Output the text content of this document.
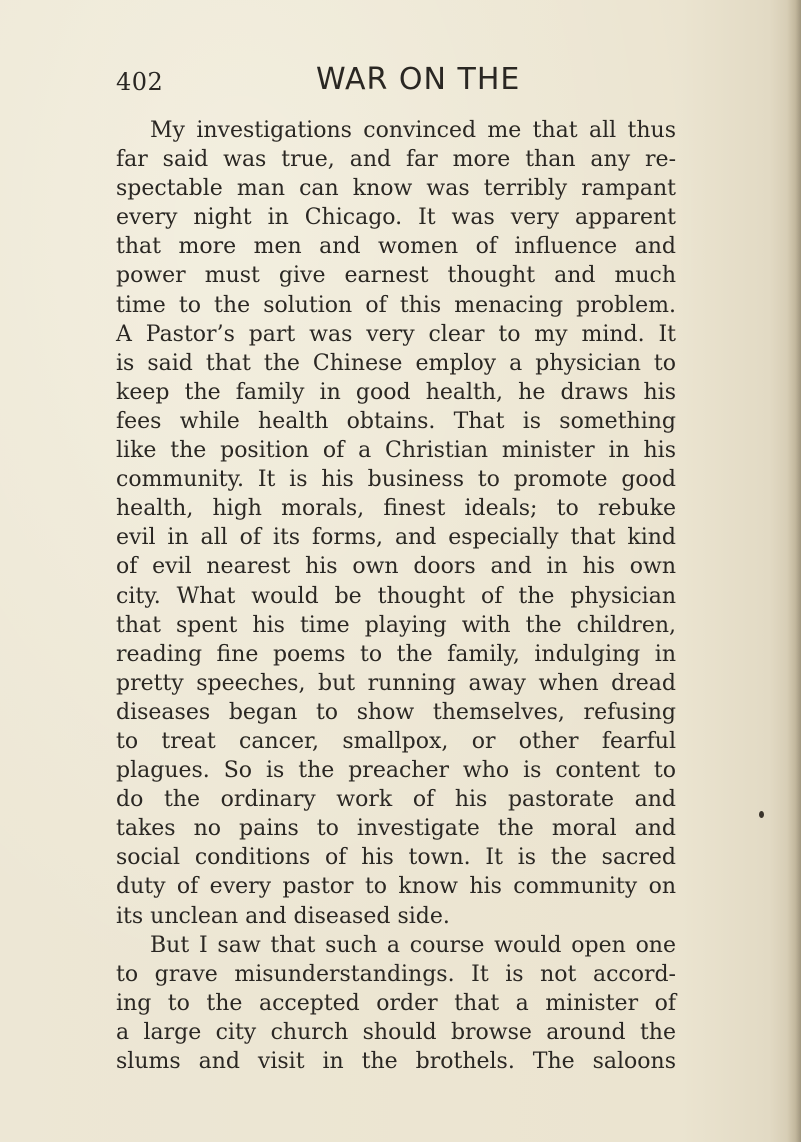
402	WAR ON THE
My investigations convinced me that all thus
far said was true, and far more than any re-
spectable man can know was terribly rampant
every night in Chicago. It was very apparent
that more men and women of influence and
power must give earnest thought and much
time to the solution of this menacing problem.
A Pastor’s part was very clear to my mind. It
is said that the Chinese employ a physician to
keep the family in good health, he draws his
fees while health obtains. That is something
like the position of a Christian minister in his
community. It is his business to promote good
health, high morals, finest ideals; to rebuke
evil in all of its forms, and especially that kind
of evil nearest his own doors and in his own
city. What would be thought of the physician
that spent his time playing with the children,
reading fine poems to the family, indulging in
pretty speeches, but running away when dread
diseases began to show themselves, refusing
to treat cancer, smallpox, or other fearful
plagues. So is the preacher who is content to
do the ordinary work of his pastorate and
takes no pains to investigate the moral and
social conditions of his town. It is the sacred
duty of every pastor to know his community on
its unclean and diseased side.
But I saw that such a course would open one
to grave misunderstandings. It is not accord-
ing to the accepted order that a minister of
a large city church should browse around the
slums and visit in the brothels. The saloons
